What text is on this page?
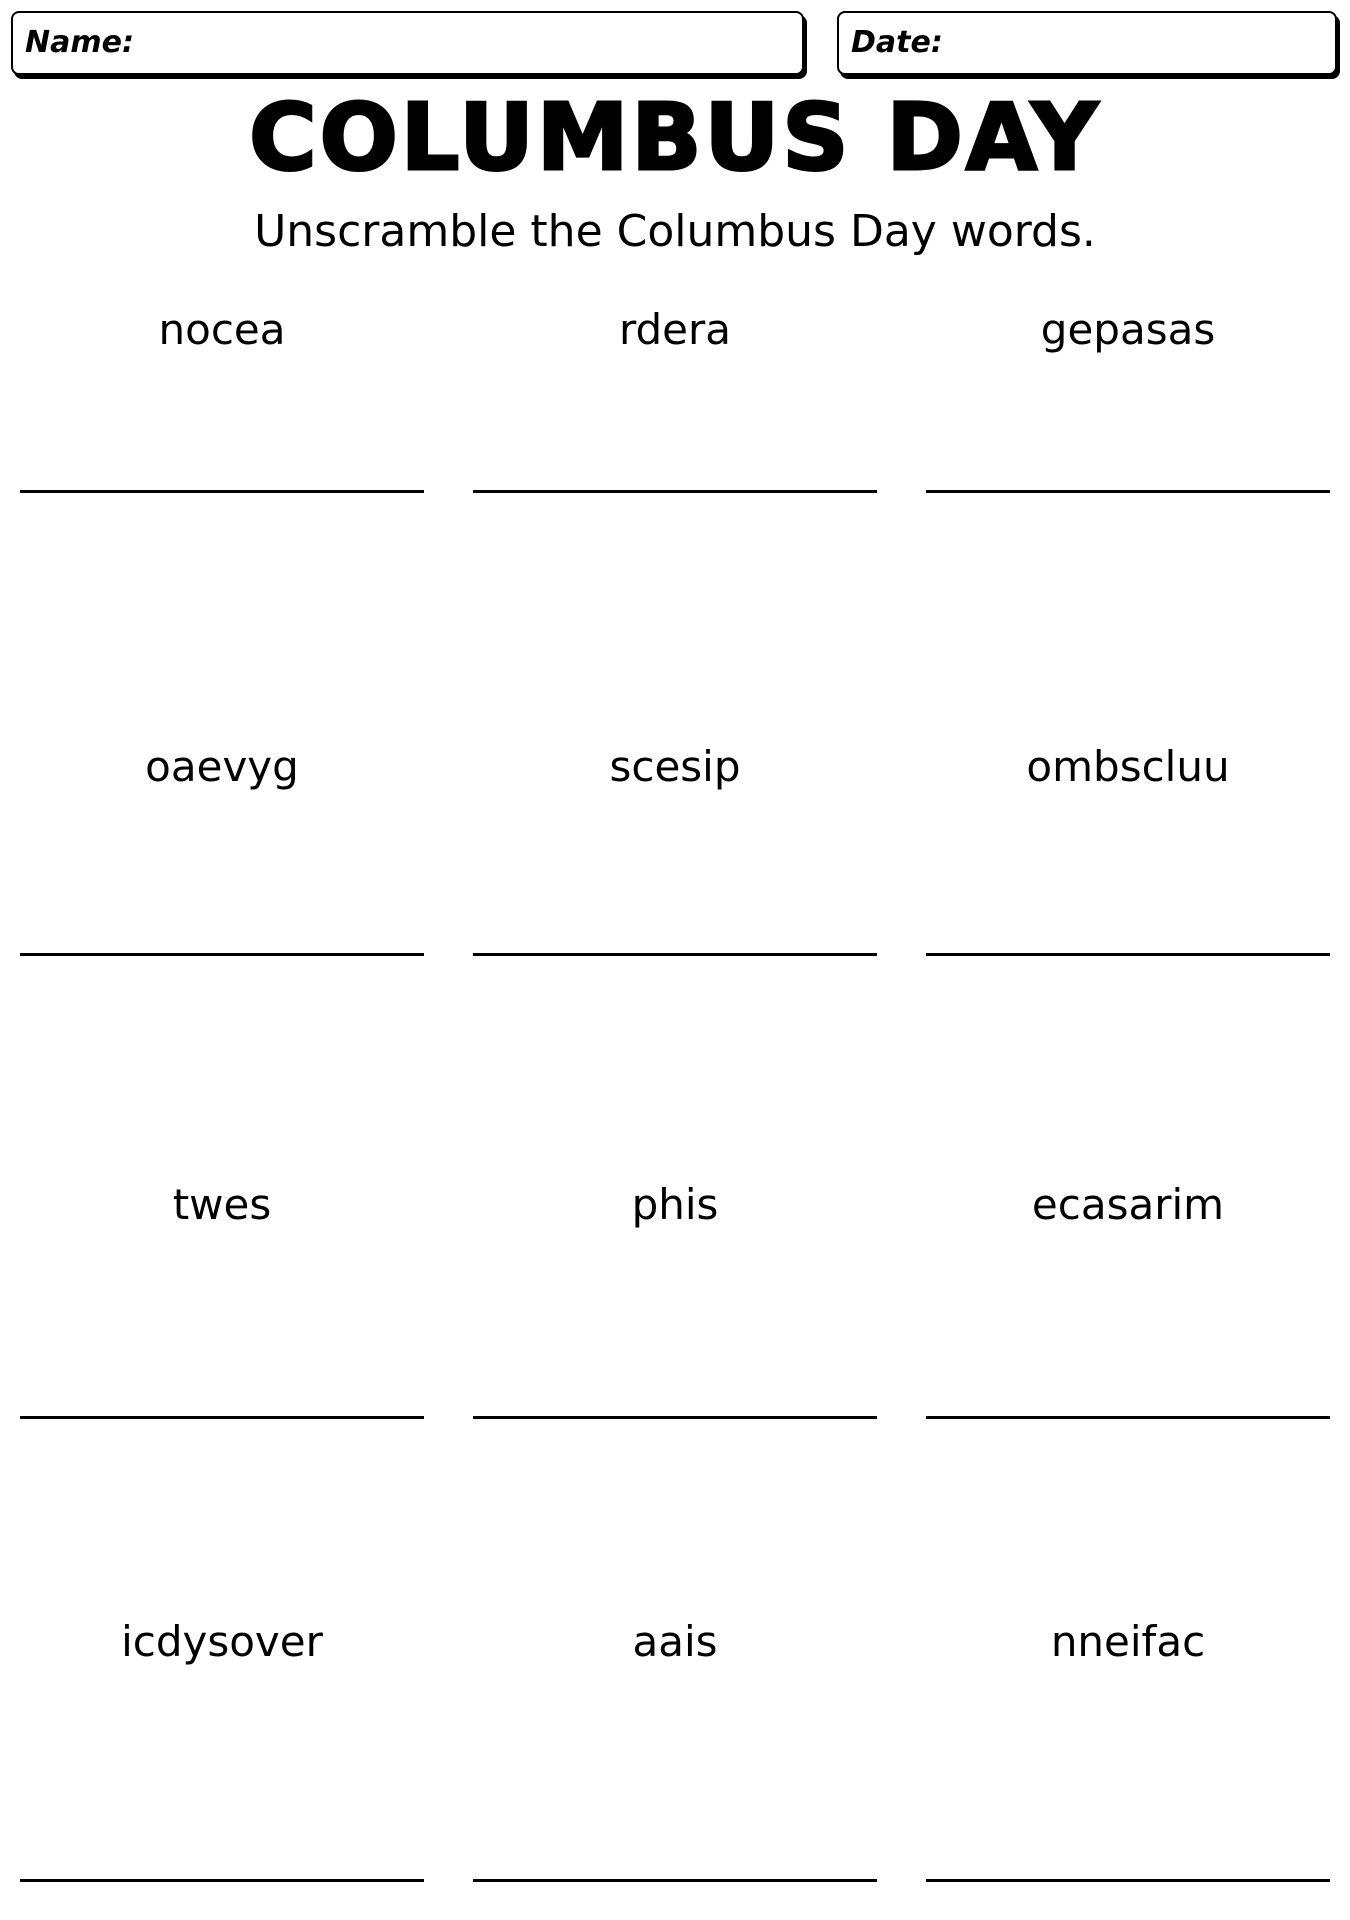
Name:	Date:
COLUMBUS DAY
Unscramble the Columbus Day words.
nocea	rdera	gepasas
oaevyg	scesip	ombscluu
twes	phis	ecasarim
icdysover	aais	nneifac
